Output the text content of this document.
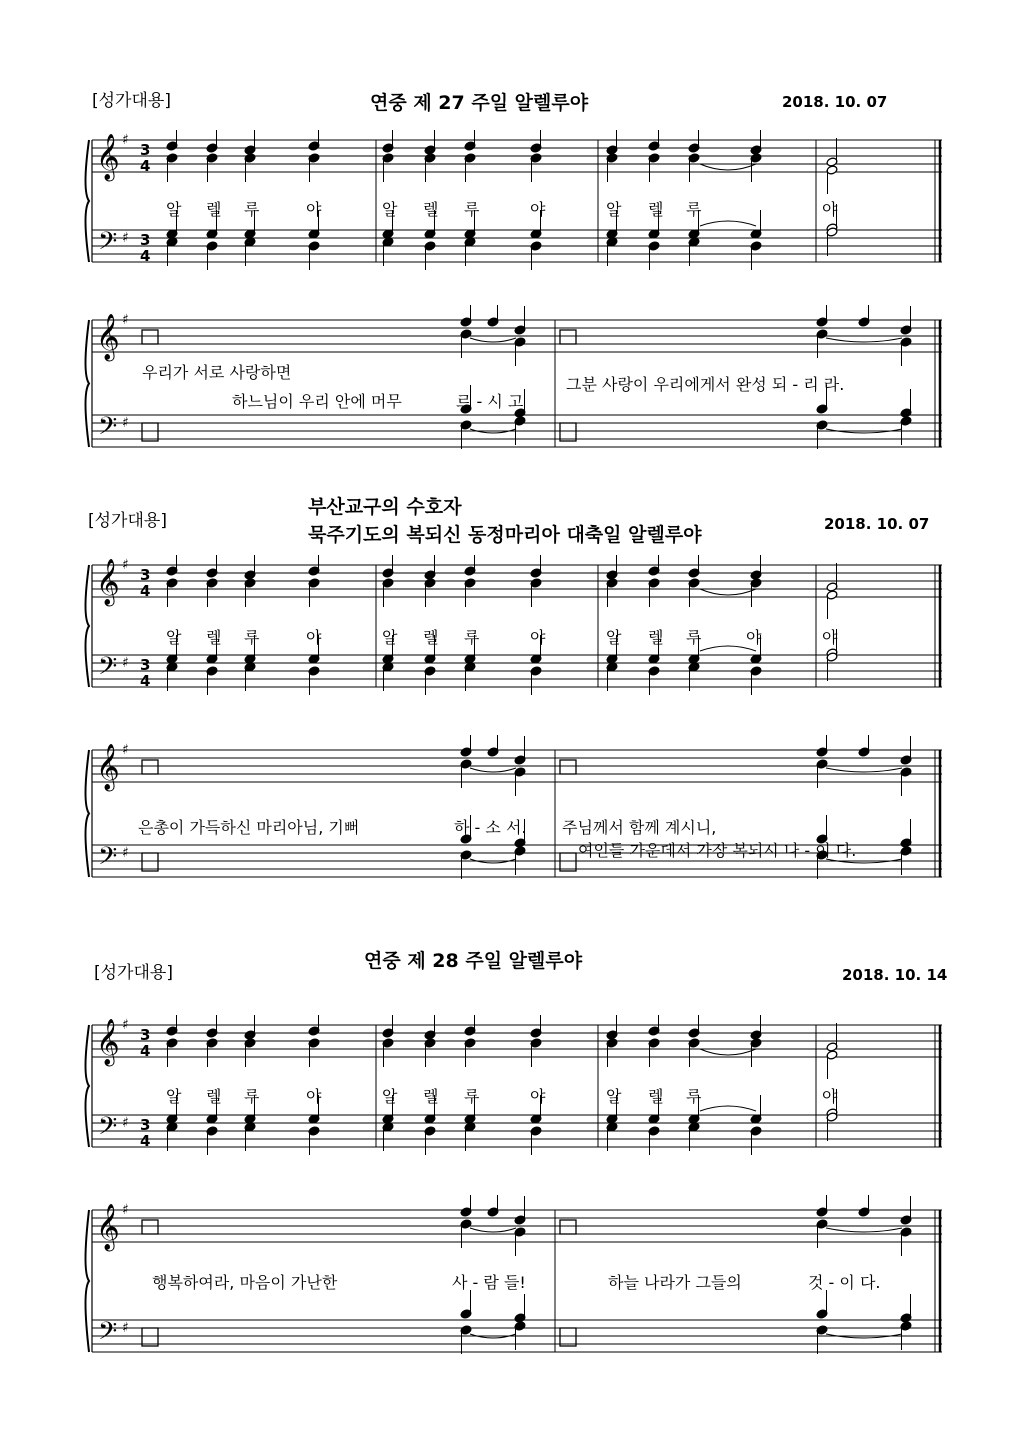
[성가대용]	연중 제 27 주일 알렐루야	2018. 10. 07
𝄞
𝄢
♯
♯
3
4
3
4
알 렐 루	야	알 렐 루	야	알 렐 루	야
𝄞
𝄢
♯
♯
우리가 서로 사랑하면
하느님이 우리 안에 머무	르 - 시 고
그분 사랑이 우리에게서 완성 되 - 리 라.
[성가대용]
부산교구의 수호자
묵주기도의 복되신 동정마리아 대축일 알렐루야	2018. 10. 07
𝄞
𝄢
♯
♯
3
4
3
4
알 렐 루	야	알 렐 루	야	알 렐 루	야	야
𝄞
𝄢
♯
♯
은총이 가득하신 마리아님, 기뻐	하 - 소 서. 주님께서 함께 계시니,
여인들 가운데서 가장 복되시 나 - 이 다.
[성가대용]
연중 제 28 주일 알렐루야
2018. 10. 14
𝄞
𝄢
♯
♯
3
4
3
4
알 렐 루	야	알 렐 루	야	알 렐 루	야
𝄞
𝄢
♯
♯
행복하여라, 마음이 가난한	사 - 람 들!	하늘 나라가 그들의	것 - 이 다.
